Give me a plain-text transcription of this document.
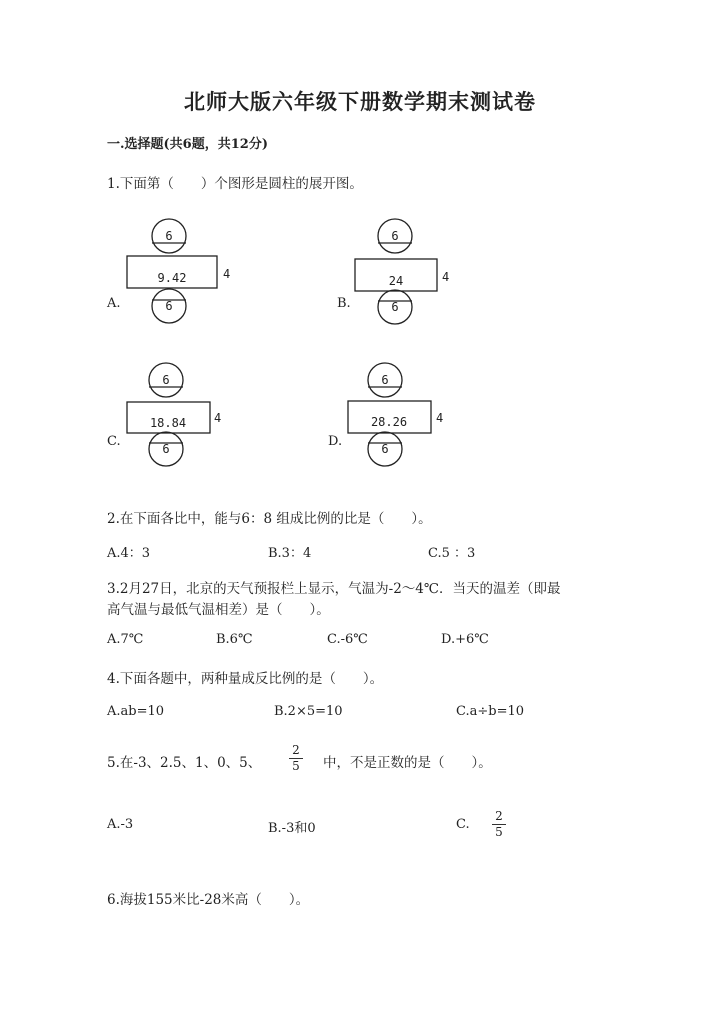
北师大版六年级下册数学期末测试卷
一.选择题(共6题，共12分)
1.下面第（　　）个图形是圆柱的展开图。
A.
6
9.42	4
6	B.
6
24	4
6
C.
6
18.84 4
6	D.
6
28.26 4
6
2.在下面各比中，能与6：8 组成比例的比是（　　）。
A.4：3	B.3：4	C.5 ：3
3.2月27日，北京的天气预报栏上显示，气温为-2～4℃．当天的温差（即最
高气温与最低气温相差）是（　　）。
A.7℃	B.6℃	C.-6℃	D.+6℃
4.下面各题中，两种量成反比例的是（　　）。
A.ab=10	B.2×5=10	C.a÷b=10
5.在-3、2.5、1、0、5、
2
5 中，不是正数的是（　　）。
A.-3	B.-3和0	C.
2
5
6.海拔155米比-28米高（　　）。
